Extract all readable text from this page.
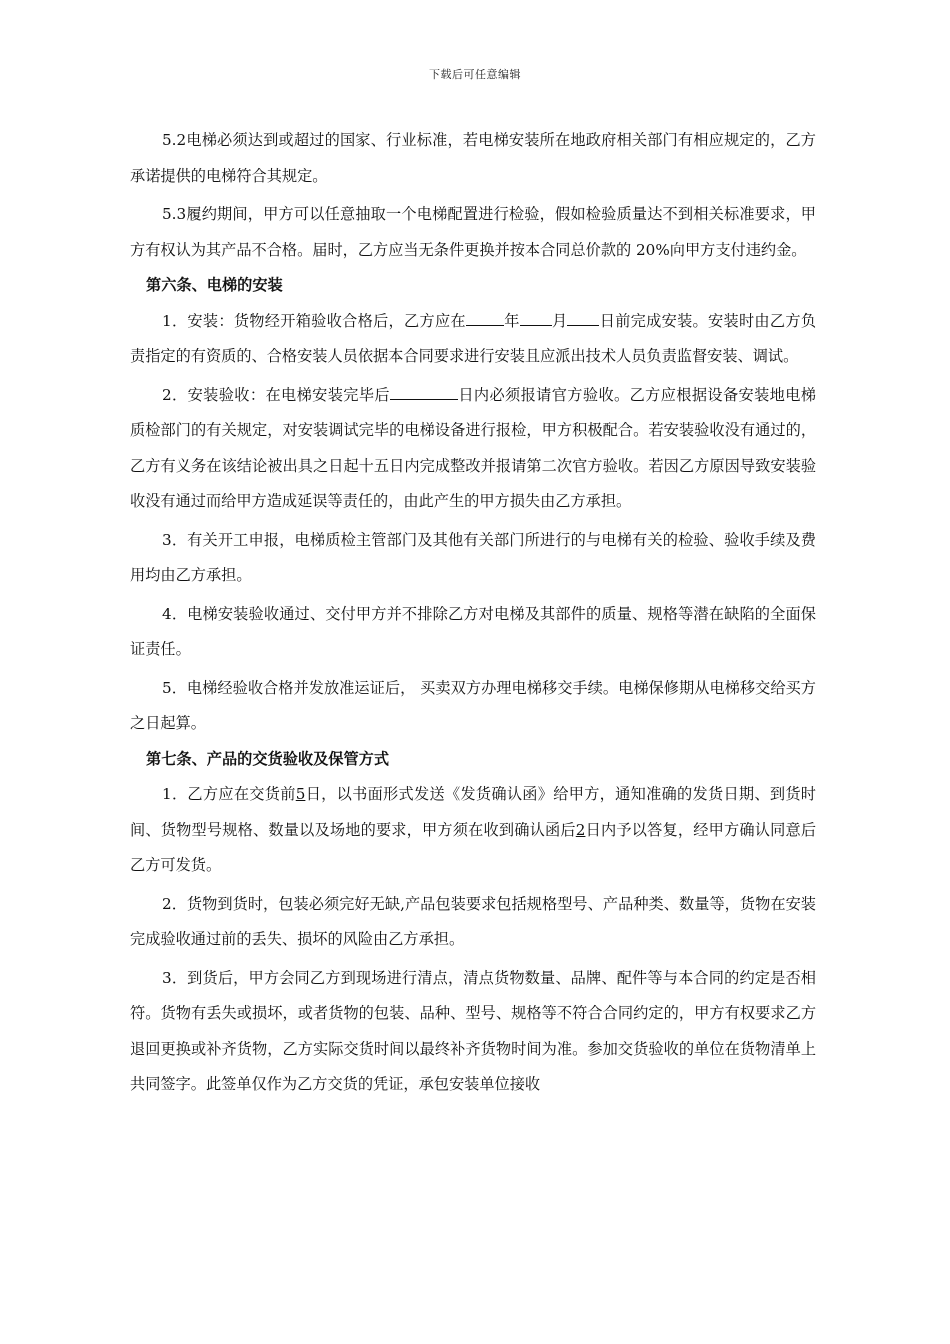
下载后可任意编辑

5.2电梯必须达到或超过的国家、行业标准，若电梯安装所在地政府相关部门有相应规定的，乙方承诺提供的电梯符合其规定。

5.3履约期间，甲方可以任意抽取一个电梯配置进行检验，假如检验质量达不到相关标准要求，甲方有权认为其产品不合格。届时，乙方应当无条件更换并按本合同总价款的 20%向甲方支付违约金。

第六条、电梯的安装

1．安装：货物经开箱验收合格后，乙方应在	年 月 日前完成安装。安装时由乙方负责指定的有资质的、合格安装人员依据本合同要求进行安装且应派出技术人员负责监督安装、调试。

2．安装验收：在电梯安装完毕后	日内必须报请官方验收。乙方应根据设备安装地电梯质检部门的有关规定，对安装调试完毕的电梯设备进行报检，甲方积极配合。若安装验收没有通过的，乙方有义务在该结论被出具之日起十五日内完成整改并报请第二次官方验收。若因乙方原因导致安装验收没有通过而给甲方造成延误等责任的，由此产生的甲方损失由乙方承担。

3．有关开工申报，电梯质检主管部门及其他有关部门所进行的与电梯有关的检验、验收手续及费用均由乙方承担。

4．电梯安装验收通过、交付甲方并不排除乙方对电梯及其部件的质量、规格等潜在缺陷的全面保证责任。

5．电梯经验收合格并发放准运证后， 买卖双方办理电梯移交手续。电梯保修期从电梯移交给买方之日起算。

第七条、产品的交货验收及保管方式

1．乙方应在交货前5日，以书面形式发送《发货确认函》给甲方，通知准确的发货日期、到货时间、货物型号规格、数量以及场地的要求，甲方须在收到确认函后2日内予以答复，经甲方确认同意后乙方可发货。

2．货物到货时，包装必须完好无缺,产品包装要求包括规格型号、产品种类、数量等，货物在安装完成验收通过前的丢失、损坏的风险由乙方承担。

3．到货后，甲方会同乙方到现场进行清点，清点货物数量、品牌、配件等与本合同的约定是否相符。货物有丢失或损坏，或者货物的包装、品种、型号、规格等不符合合同约定的，甲方有权要求乙方退回更换或补齐货物，乙方实际交货时间以最终补齐货物时间为准。参加交货验收的单位在货物清单上共同签字。此签单仅作为乙方交货的凭证，承包安装单位接收
